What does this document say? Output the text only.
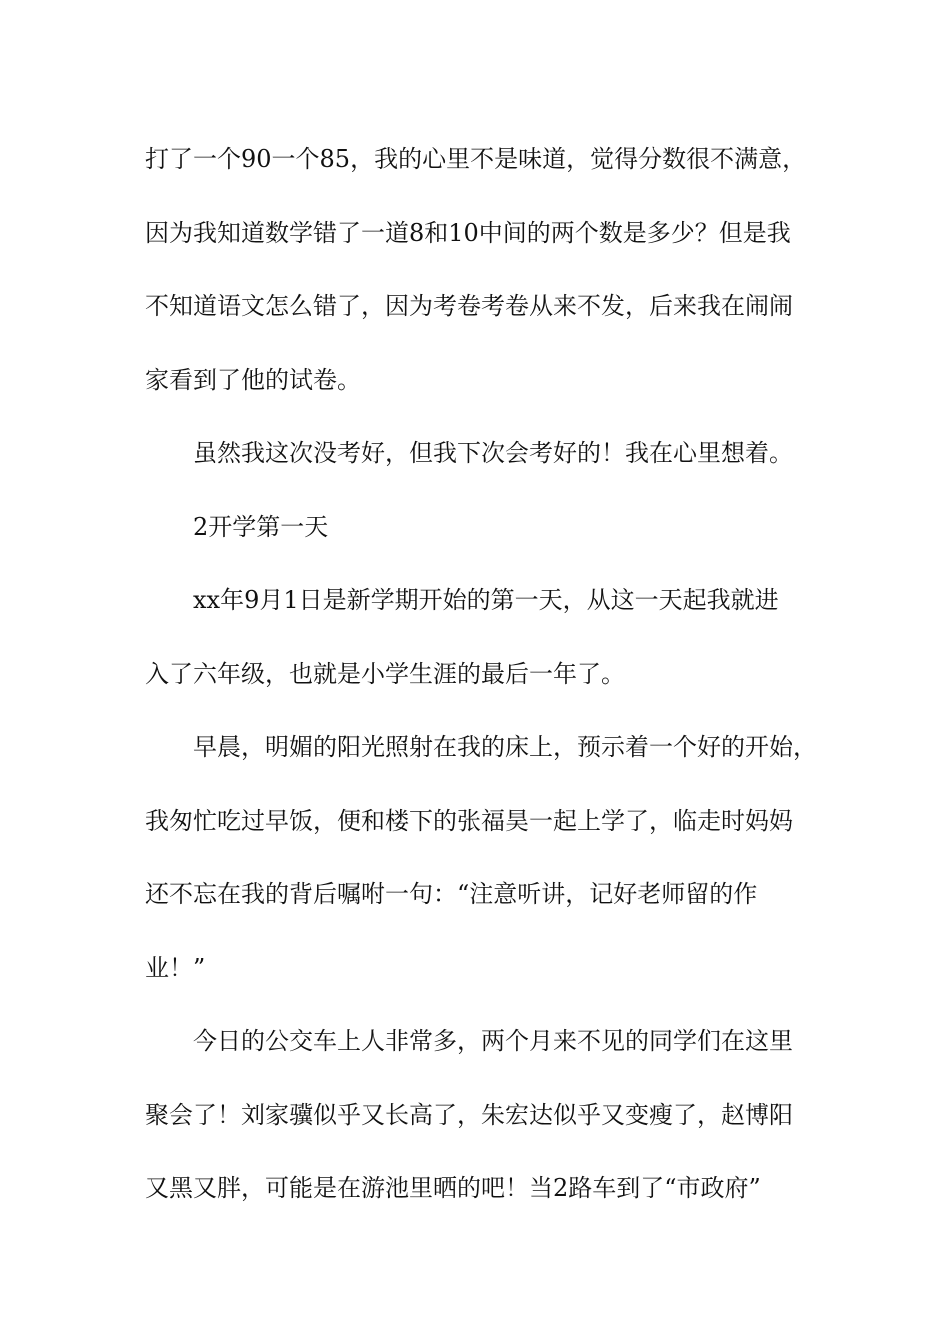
打了一个90一个85，我的心里不是味道，觉得分数很不满意，
因为我知道数学错了一道8和10中间的两个数是多少？但是我
不知道语文怎么错了，因为考卷考卷从来不发，后来我在闹闹
家看到了他的试卷。
虽然我这次没考好，但我下次会考好的！我在心里想着。
2开学第一天
xx年9月1日是新学期开始的第一天，从这一天起我就进
入了六年级，也就是小学生涯的最后一年了。
早晨，明媚的阳光照射在我的床上，预示着一个好的开始，
我匆忙吃过早饭，便和楼下的张福昊一起上学了，临走时妈妈
还不忘在我的背后嘱咐一句：“注意听讲，记好老师留的作
业！”
今日的公交车上人非常多，两个月来不见的同学们在这里
聚会了！刘家骥似乎又长高了，朱宏达似乎又变瘦了，赵博阳
又黑又胖，可能是在游池里晒的吧！当2路车到了“市政府”
